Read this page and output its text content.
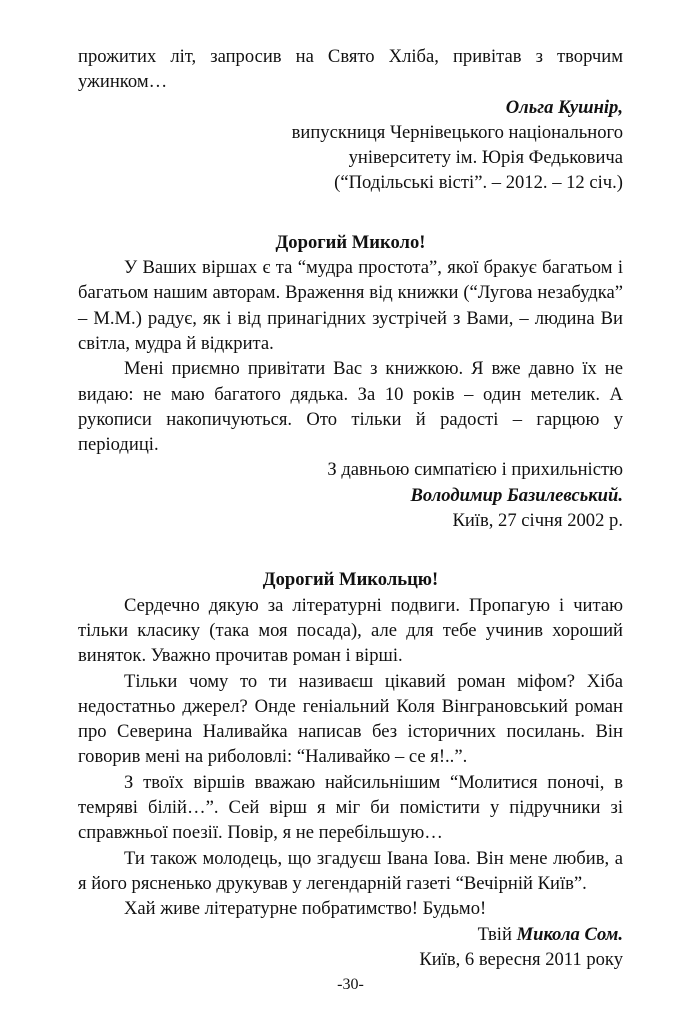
прожитих літ, запросив на Свято Хліба, привітав з творчим ужинком…

Ольга Кушнір,

випускниця Чернівецького національного

університету ім. Юрія Федьковича

(“Подільські вісті”. – 2012. – 12 січ.)

Дорогий Миколо!

У Ваших віршах є та “мудра простота”, якої бракує багатьом і багатьом нашим авторам. Враження від книжки (“Лугова незабудка” – М.М.) радує, як і від принагідних зустрічей з Вами, – людина Ви світла, мудра й відкрита.

Мені приємно привітати Вас з книжкою. Я вже давно їх не видаю: не маю багатого дядька. За 10 років – один метелик. А рукописи накопичуються. Ото тільки й радості – гарцюю у періодиці.

З давньою симпатією і прихильністю

Володимир Базилевський.

Київ, 27 січня 2002 р.

Дорогий Микольцю!

Сердечно дякую за літературні подвиги. Пропагую і читаю тільки класику (така моя посада), але для тебе учинив хороший виняток. Уважно прочитав роман і вірші.

Тільки чому то ти називаєш цікавий роман міфом? Хіба недостатньо джерел? Онде геніальний Коля Вінграновський роман про Северина Наливайка написав без історичних посилань. Він говорив мені на риболовлі: “Наливайко – се я!..”.

З твоїх віршів вважаю найсильнішим “Молитися поночі, в темряві білій…”. Сей вірш я міг би помістити у підручники зі справжньої поезії. Повір, я не перебільшую…

Ти також молодець, що згадуєш Івана Іова. Він мене любив, а я його рясненько друкував у легендарній газеті “Вечірній Київ”.

Хай живе літературне побратимство! Будьмо!

Твій Микола Сом.

Київ, 6 вересня 2011 року

-30-
